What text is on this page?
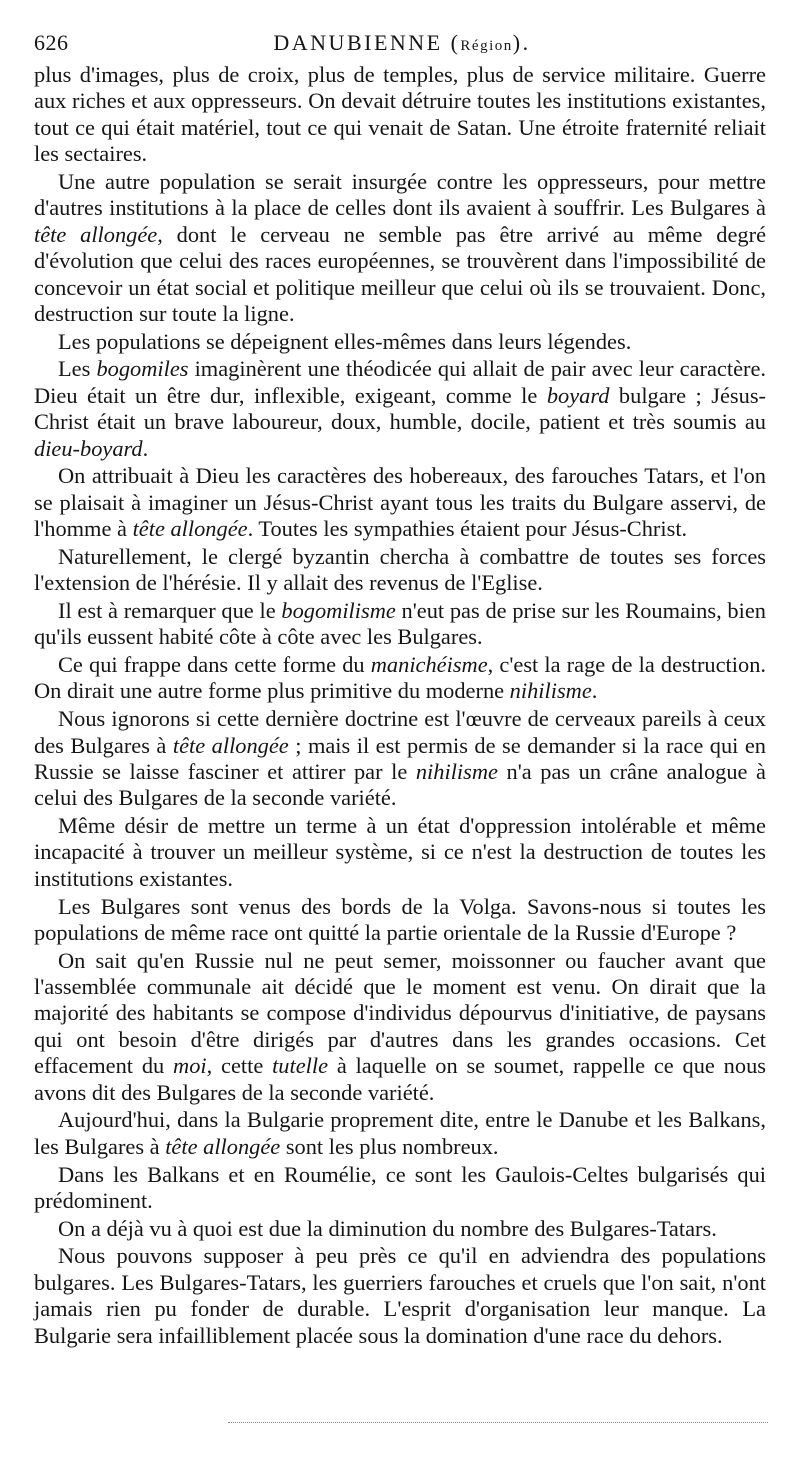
626	DANUBIENNE (Région).

plus d'images, plus de croix, plus de temples, plus de service militaire. Guerre aux riches et aux oppresseurs. On devait détruire toutes les institutions existantes, tout ce qui était matériel, tout ce qui venait de Satan. Une étroite fraternité reliait les sectaires.

Une autre population se serait insurgée contre les oppresseurs, pour mettre d'autres institutions à la place de celles dont ils avaient à souffrir. Les Bulgares à tête allongée, dont le cerveau ne semble pas être arrivé au même degré d'évolution que celui des races européennes, se trouvèrent dans l'impossibilité de concevoir un état social et politique meilleur que celui où ils se trouvaient. Donc, destruction sur toute la ligne.

Les populations se dépeignent elles-mêmes dans leurs légendes.

Les bogomiles imaginèrent une théodicée qui allait de pair avec leur caractère. Dieu était un être dur, inflexible, exigeant, comme le boyard bulgare ; Jésus-Christ était un brave laboureur, doux, humble, docile, patient et très soumis au dieu-boyard.

On attribuait à Dieu les caractères des hobereaux, des farouches Tatars, et l'on se plaisait à imaginer un Jésus-Christ ayant tous les traits du Bulgare asservi, de l'homme à tête allongée. Toutes les sympathies étaient pour Jésus-Christ.

Naturellement, le clergé byzantin chercha à combattre de toutes ses forces l'extension de l'hérésie. Il y allait des revenus de l'Eglise.

Il est à remarquer que le bogomilisme n'eut pas de prise sur les Roumains, bien qu'ils eussent habité côte à côte avec les Bulgares.

Ce qui frappe dans cette forme du manichéisme, c'est la rage de la destruction. On dirait une autre forme plus primitive du moderne nihilisme.

Nous ignorons si cette dernière doctrine est l'œuvre de cerveaux pareils à ceux des Bulgares à tête allongée ; mais il est permis de se demander si la race qui en Russie se laisse fasciner et attirer par le nihilisme n'a pas un crâne analogue à celui des Bulgares de la seconde variété.

Même désir de mettre un terme à un état d'oppression intolérable et même incapacité à trouver un meilleur système, si ce n'est la destruction de toutes les institutions existantes.

Les Bulgares sont venus des bords de la Volga. Savons-nous si toutes les populations de même race ont quitté la partie orientale de la Russie d'Europe ?

On sait qu'en Russie nul ne peut semer, moissonner ou faucher avant que l'assemblée communale ait décidé que le moment est venu. On dirait que la majorité des habitants se compose d'individus dépourvus d'initiative, de paysans qui ont besoin d'être dirigés par d'autres dans les grandes occasions. Cet effacement du moi, cette tutelle à laquelle on se soumet, rappelle ce que nous avons dit des Bulgares de la seconde variété.

Aujourd'hui, dans la Bulgarie proprement dite, entre le Danube et les Balkans, les Bulgares à tête allongée sont les plus nombreux.

Dans les Balkans et en Roumélie, ce sont les Gaulois-Celtes bulgarisés qui prédominent.

On a déjà vu à quoi est due la diminution du nombre des Bulgares-Tatars.

Nous pouvons supposer à peu près ce qu'il en adviendra des populations bulgares. Les Bulgares-Tatars, les guerriers farouches et cruels que l'on sait, n'ont jamais rien pu fonder de durable. L'esprit d'organisation leur manque. La Bulgarie sera infailliblement placée sous la domination d'une race du dehors.
